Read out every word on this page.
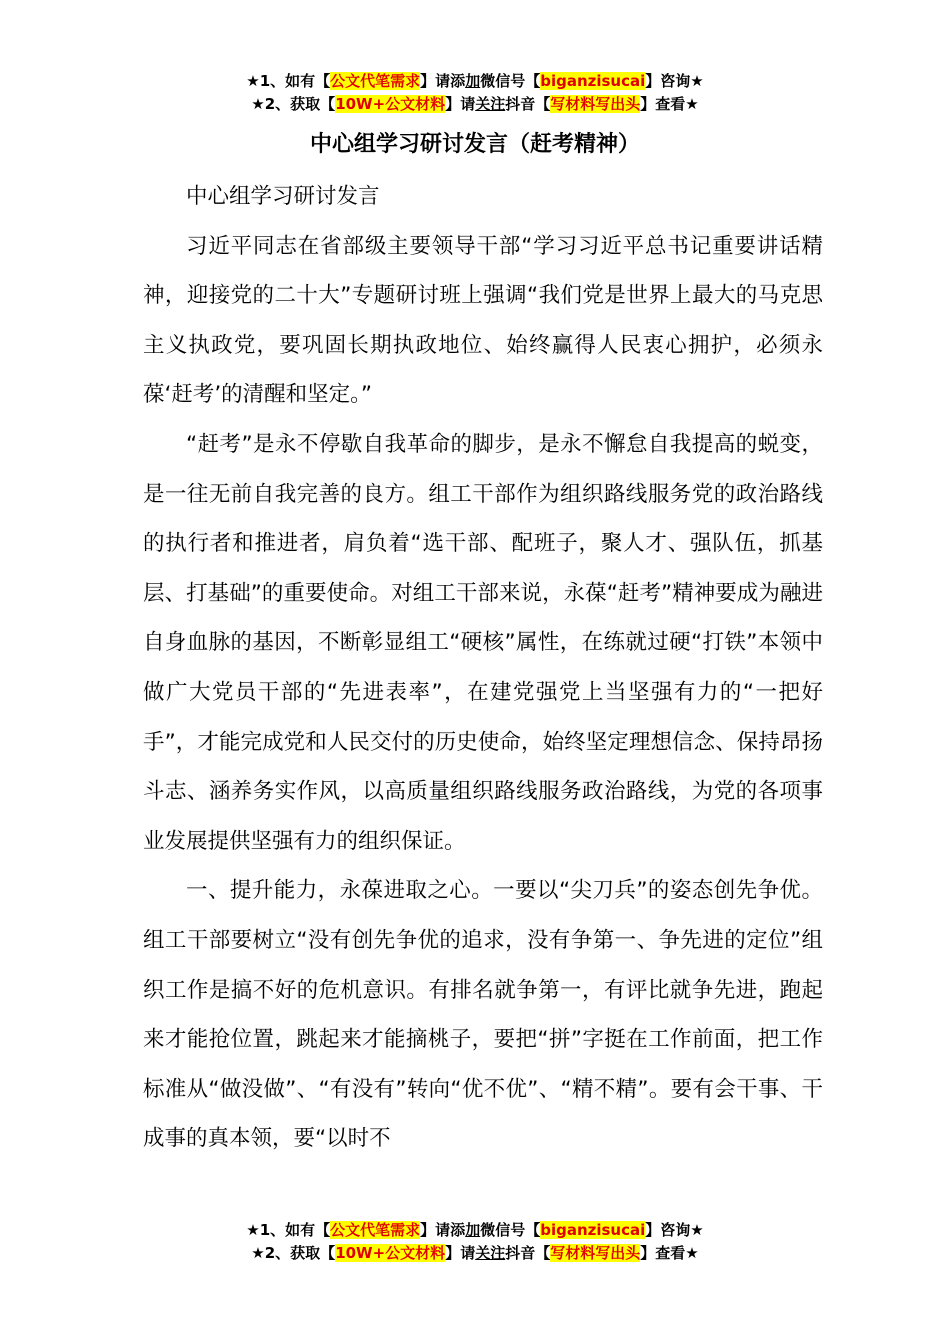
★1、如有【公文代笔需求】请添加微信号【biganzisucai】咨询★
★2、获取【10W+公文材料】请关注抖音【写材料写出头】查看★
中心组学习研讨发言（赶考精神）

中心组学习研讨发言

习近平同志在省部级主要领导干部“学习习近平总书记重要讲话精神，迎接党的二十大”专题研讨班上强调“我们党是世界上最大的马克思主义执政党，要巩固长期执政地位、始终赢得人民衷心拥护，必须永葆‘赶考’的清醒和坚定。”

“赶考”是永不停歇自我革命的脚步，是永不懈怠自我提高的蜕变，是一往无前自我完善的良方。组工干部作为组织路线服务党的政治路线的执行者和推进者，肩负着“选干部、配班子，聚人才、强队伍，抓基层、打基础”的重要使命。对组工干部来说，永葆“赶考”精神要成为融进自身血脉的基因，不断彰显组工“硬核”属性，在练就过硬“打铁”本领中做广大党员干部的“先进表率”，在建党强党上当坚强有力的“一把好手”，才能完成党和人民交付的历史使命，始终坚定理想信念、保持昂扬斗志、涵养务实作风，以高质量组织路线服务政治路线，为党的各项事业发展提供坚强有力的组织保证。

一、提升能力，永葆进取之心。一要以“尖刀兵”的姿态创先争优。组工干部要树立“没有创先争优的追求，没有争第一、争先进的定位”组织工作是搞不好的危机意识。有排名就争第一，有评比就争先进，跑起来才能抢位置，跳起来才能摘桃子，要把“拼”字挺在工作前面，把工作标准从“做没做”、“有没有”转向“优不优”、“精不精”。要有会干事、干成事的真本领，要“以时不

★1、如有【公文代笔需求】请添加微信号【biganzisucai】咨询★
★2、获取【10W+公文材料】请关注抖音【写材料写出头】查看★
